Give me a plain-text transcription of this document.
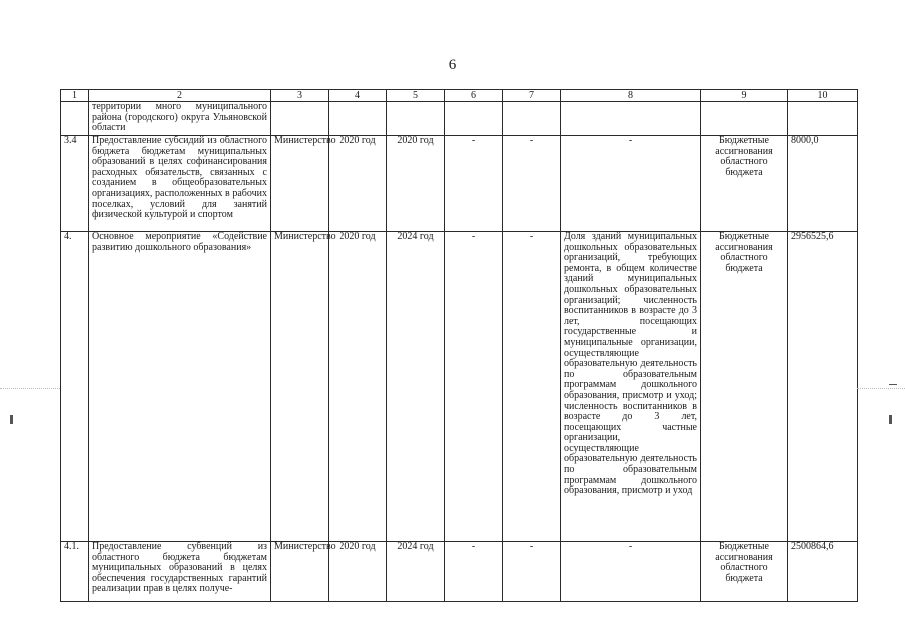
6
1	2	3	4	5	6	7	8	9	10
	территории много муниципального района (городского) округа Ульяновской области								
3.4	Предоставление субсидий из областного бюджета бюджетам муниципальных образований в целях софинансирования расходных обязательств, связанных с созданием в общеобразовательных организациях, расположенных в рабочих поселках, условий для занятий физической культурой и спортом	Министерство	2020 год	2020 год	-	-	-	Бюджетные ассигнования областного бюджета	8000,0
4.	Основное мероприятие «Содействие развитию дошкольного образования»	Министерство	2020 год	2024 год	-	-	Доля зданий муниципальных дошкольных образовательных организаций, требующих ремонта, в общем количестве зданий муниципальных дошкольных образовательных организаций; численность воспитанников в возрасте до 3 лет, посещающих государственные и муниципальные организации, осуществляющие образовательную деятельность по образовательным программам дошкольного образования, присмотр и уход; численность воспитанников в возрасте до 3 лет, посещающих частные организации, осуществляющие образовательную деятельность по образовательным программам дошкольного образования, присмотр и уход	Бюджетные ассигнования областного бюджета	2956525,6
4.1.	Предоставление субвенций из областного бюджета бюджетам муниципальных образований в целях обеспечения государственных гарантий реализации прав в целях получе-	Министерство	2020 год	2024 год	-	-	-	Бюджетные ассигнования областного бюджета	2500864,6
